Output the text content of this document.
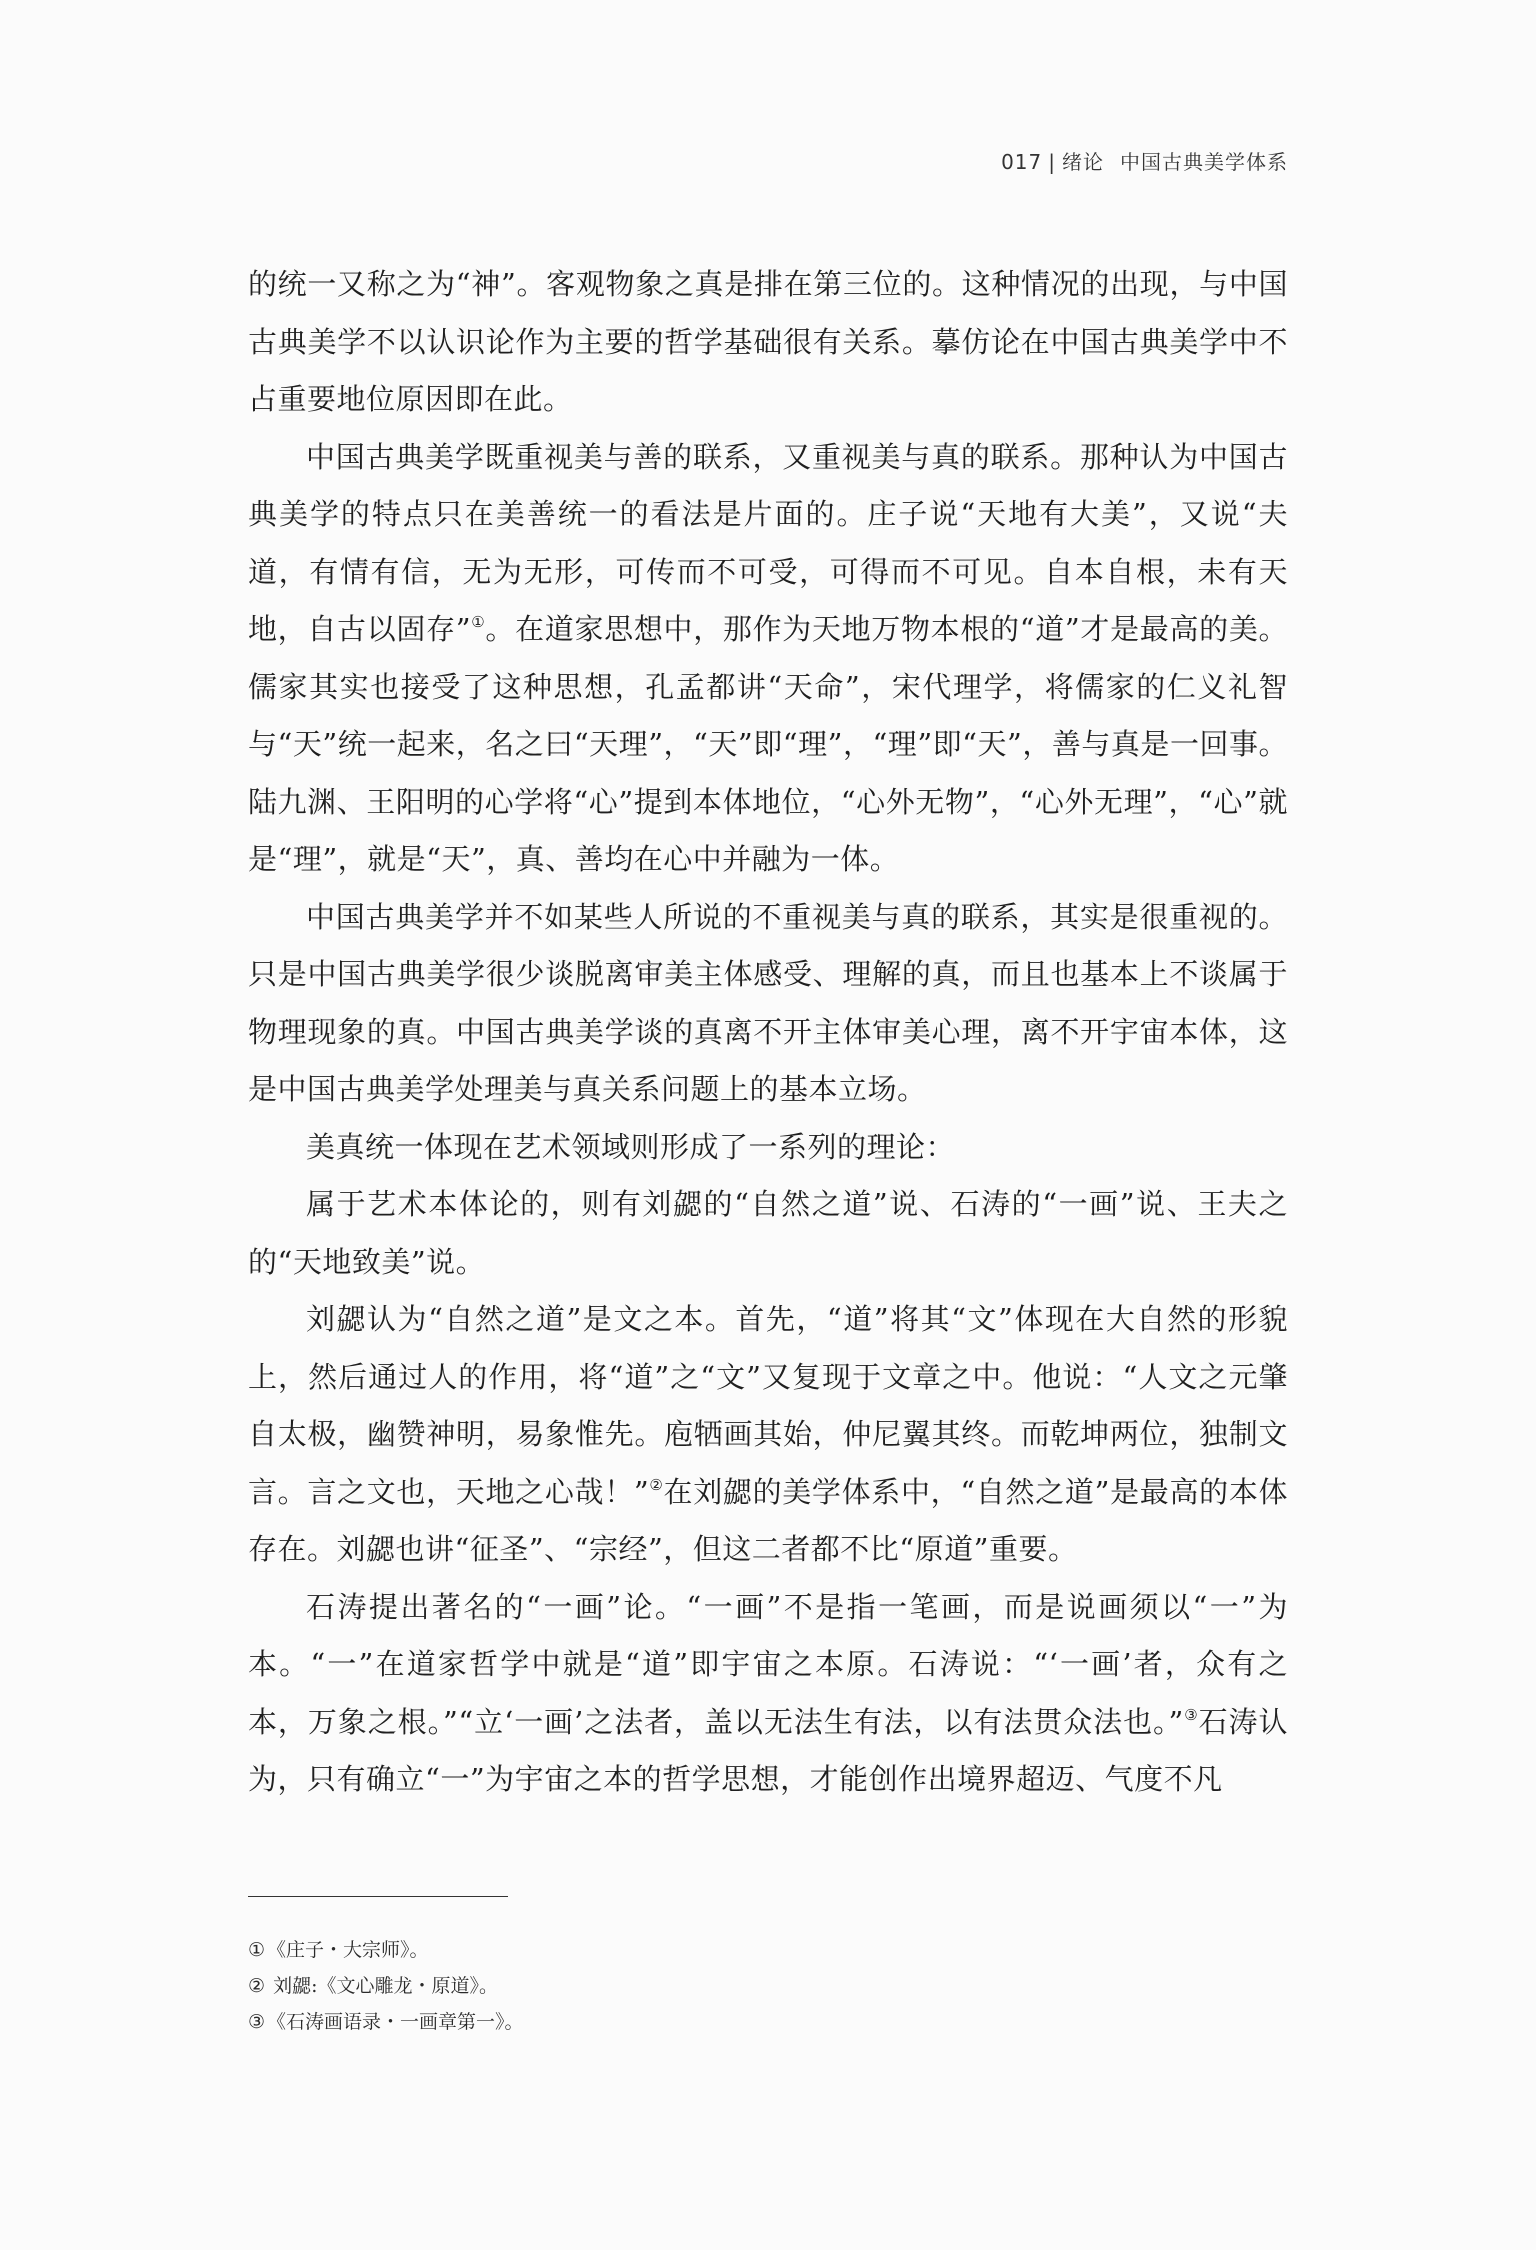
017 | 绪论 中国古典美学体系

的统一又称之为“神”。客观物象之真是排在第三位的。这种情况的出现，与中国古典美学不以认识论作为主要的哲学基础很有关系。摹仿论在中国古典美学中不占重要地位原因即在此。

中国古典美学既重视美与善的联系，又重视美与真的联系。那种认为中国古典美学的特点只在美善统一的看法是片面的。庄子说“天地有大美”，又说“夫道，有情有信，无为无形，可传而不可受，可得而不可见。自本自根，未有天地，自古以固存”①。在道家思想中，那作为天地万物本根的“道”才是最高的美。儒家其实也接受了这种思想，孔孟都讲“天命”，宋代理学，将儒家的仁义礼智与“天”统一起来，名之曰“天理”，“天”即“理”，“理”即“天”，善与真是一回事。陆九渊、王阳明的心学将“心”提到本体地位，“心外无物”，“心外无理”，“心”就是“理”，就是“天”，真、善均在心中并融为一体。

中国古典美学并不如某些人所说的不重视美与真的联系，其实是很重视的。只是中国古典美学很少谈脱离审美主体感受、理解的真，而且也基本上不谈属于物理现象的真。中国古典美学谈的真离不开主体审美心理，离不开宇宙本体，这是中国古典美学处理美与真关系问题上的基本立场。

美真统一体现在艺术领域则形成了一系列的理论：

属于艺术本体论的，则有刘勰的“自然之道”说、石涛的“一画”说、王夫之的“天地致美”说。

刘勰认为“自然之道”是文之本。首先，“道”将其“文”体现在大自然的形貌上，然后通过人的作用，将“道”之“文”又复现于文章之中。他说：“人文之元肇自太极，幽赞神明，易象惟先。庖牺画其始，仲尼翼其终。而乾坤两位，独制文言。言之文也，天地之心哉！”②在刘勰的美学体系中，“自然之道”是最高的本体存在。刘勰也讲“征圣”、“宗经”，但这二者都不比“原道”重要。

石涛提出著名的“一画”论。“一画”不是指一笔画，而是说画须以“一”为本。“一”在道家哲学中就是“道”即宇宙之本原。石涛说：“‘一画’者，众有之本，万象之根。”“立‘一画’之法者，盖以无法生有法，以有法贯众法也。”③石涛认为，只有确立“一”为宇宙之本的哲学思想，才能创作出境界超迈、气度不凡

① 《庄子・大宗师》。
② 刘勰:《文心雕龙・原道》。
③ 《石涛画语录・一画章第一》。
